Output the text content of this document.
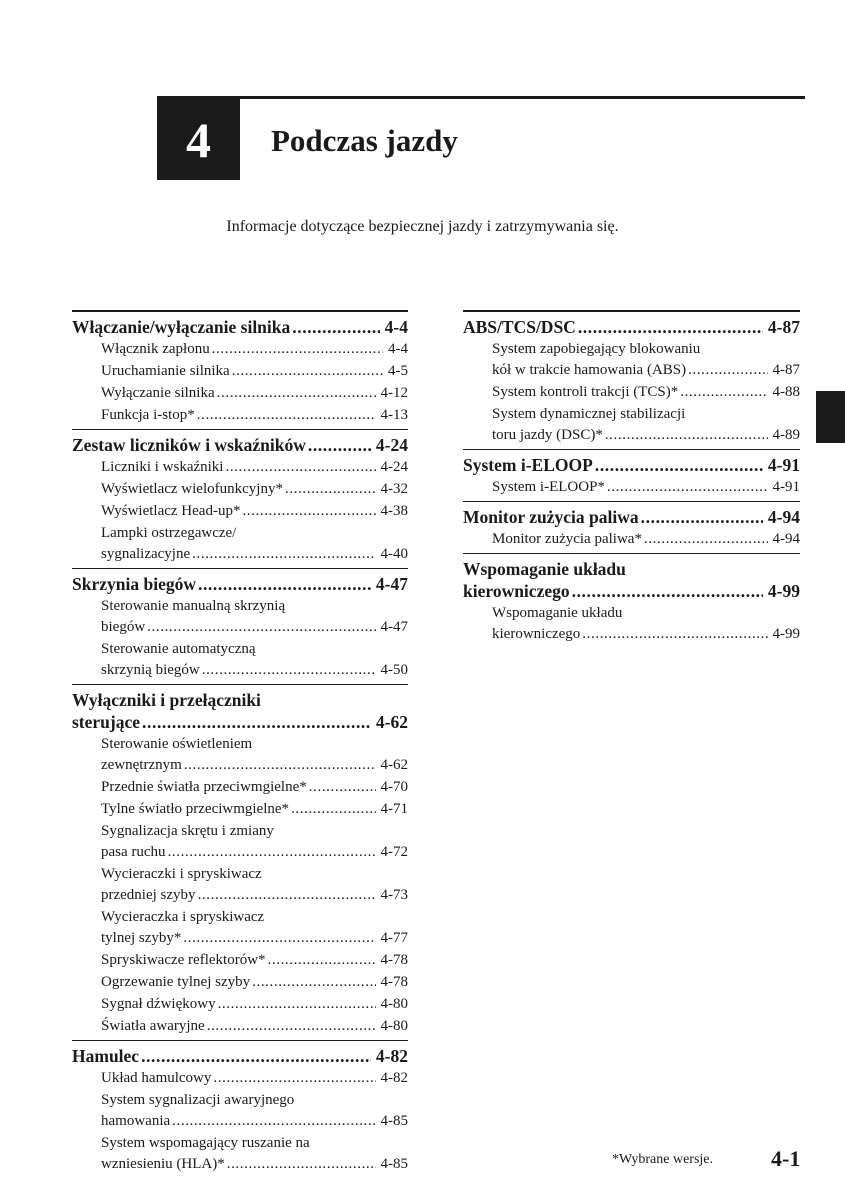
4 Podczas jazdy
Informacje dotyczące bezpiecznej jazdy i zatrzymywania się.
Włączanie/wyłączanie silnika .....	4-4
Włącznik zapłonu .....	4-4
Uruchamianie silnika .....	4-5
Wyłączanie silnika .....	4-12
Funkcja i-stop* .....	4-13
Zestaw liczników i wskaźników .....	4-24
Liczniki i wskaźniki .....	4-24
Wyświetlacz wielofunkcyjny* .....	4-32
Wyświetlacz Head-up* .....	4-38
Lampki ostrzegawcze/
sygnalizacyjne .....	4-40
Skrzynia biegów .....	4-47
Sterowanie manualną skrzynią
biegów .....	4-47
Sterowanie automatyczną
skrzynią biegów .....	4-50
Wyłączniki i przełączniki
sterujące .....	4-62
Sterowanie oświetleniem
zewnętrznym .....	4-62
Przednie światła przeciwmgielne* .....	4-70
Tylne światło przeciwmgielne* .....	4-71
Sygnalizacja skrętu i zmiany
pasa ruchu .....	4-72
Wycieraczki i spryskiwacz
przedniej szyby .....	4-73
Wycieraczka i spryskiwacz
tylnej szyby* .....	4-77
Spryskiwacze reflektorów* .....	4-78
Ogrzewanie tylnej szyby .....	4-78
Sygnał dźwiękowy .....	4-80
Światła awaryjne .....	4-80
Hamulec .....	4-82
Układ hamulcowy .....	4-82
System sygnalizacji awaryjnego
hamowania .....	4-85
System wspomagający ruszanie na
wzniesieniu (HLA)* .....	4-85
ABS/TCS/DSC .....	4-87
System zapobiegający blokowaniu
kół w trakcie hamowania (ABS) .....	4-87
System kontroli trakcji (TCS)* .....	4-88
System dynamicznej stabilizacji
toru jazdy (DSC)* .....	4-89
System i-ELOOP .....	4-91
System i-ELOOP* .....	4-91
Monitor zużycia paliwa .....	4-94
Monitor zużycia paliwa* .....	4-94
Wspomaganie układu
kierowniczego .....	4-99
Wspomaganie układu
kierowniczego .....	4-99
*Wybrane wersje.	4-1
